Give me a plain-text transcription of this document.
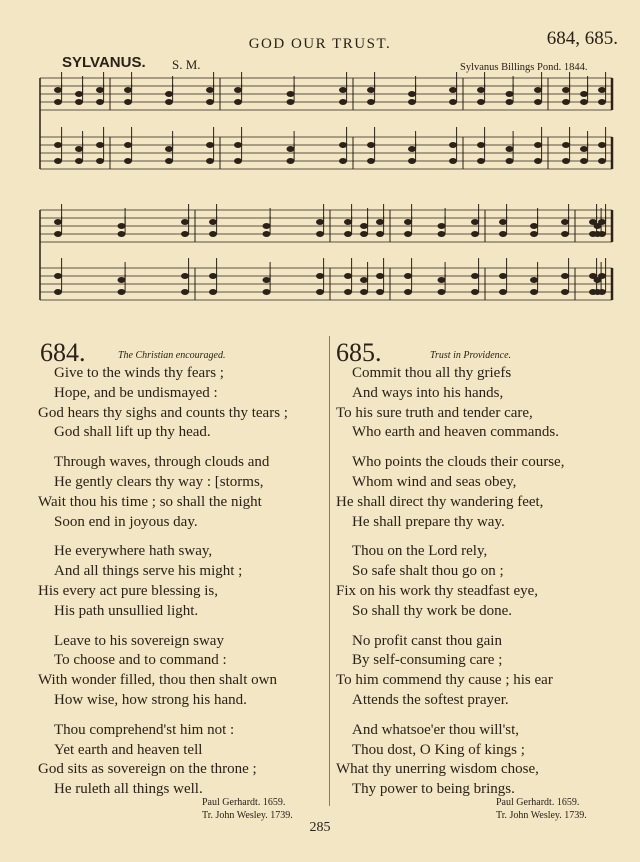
GOD OUR TRUST.	684, 685.
SYLVANUS. S. M.	Sylvanus Billings Pond. 1844.
684.	The Christian encouraged.
Give to the winds thy fears ;
Hope, and be undismayed :
God hears thy sighs and counts thy tears ;
God shall lift up thy head.
Through waves, through clouds and
He gently clears thy way : [storms,
Wait thou his time ; so shall the night
Soon end in joyous day.
He everywhere hath sway,
And all things serve his might ;
His every act pure blessing is,
His path unsullied light.
Leave to his sovereign sway
To choose and to command :
With wonder filled, thou then shalt own
How wise, how strong his hand.
Thou comprehend'st him not :
Yet earth and heaven tell
God sits as sovereign on the throne ;
He ruleth all things well.
685.	Trust in Providence.
Commit thou all thy griefs
And ways into his hands,
To his sure truth and tender care,
Who earth and heaven commands.
Who points the clouds their course,
Whom wind and seas obey,
He shall direct thy wandering feet,
He shall prepare thy way.
Thou on the Lord rely,
So safe shalt thou go on ;
Fix on his work thy steadfast eye,
So shall thy work be done.
No profit canst thou gain
By self-consuming care ;
To him commend thy cause ; his ear
Attends the softest prayer.
And whatsoe'er thou will'st,
Thou dost, O King of kings ;
What thy unerring wisdom chose,
Thy power to being brings.
Paul Gerhardt. 1659.
Tr. John Wesley. 1739.
Paul Gerhardt. 1659.
Tr. John Wesley. 1739.
285
